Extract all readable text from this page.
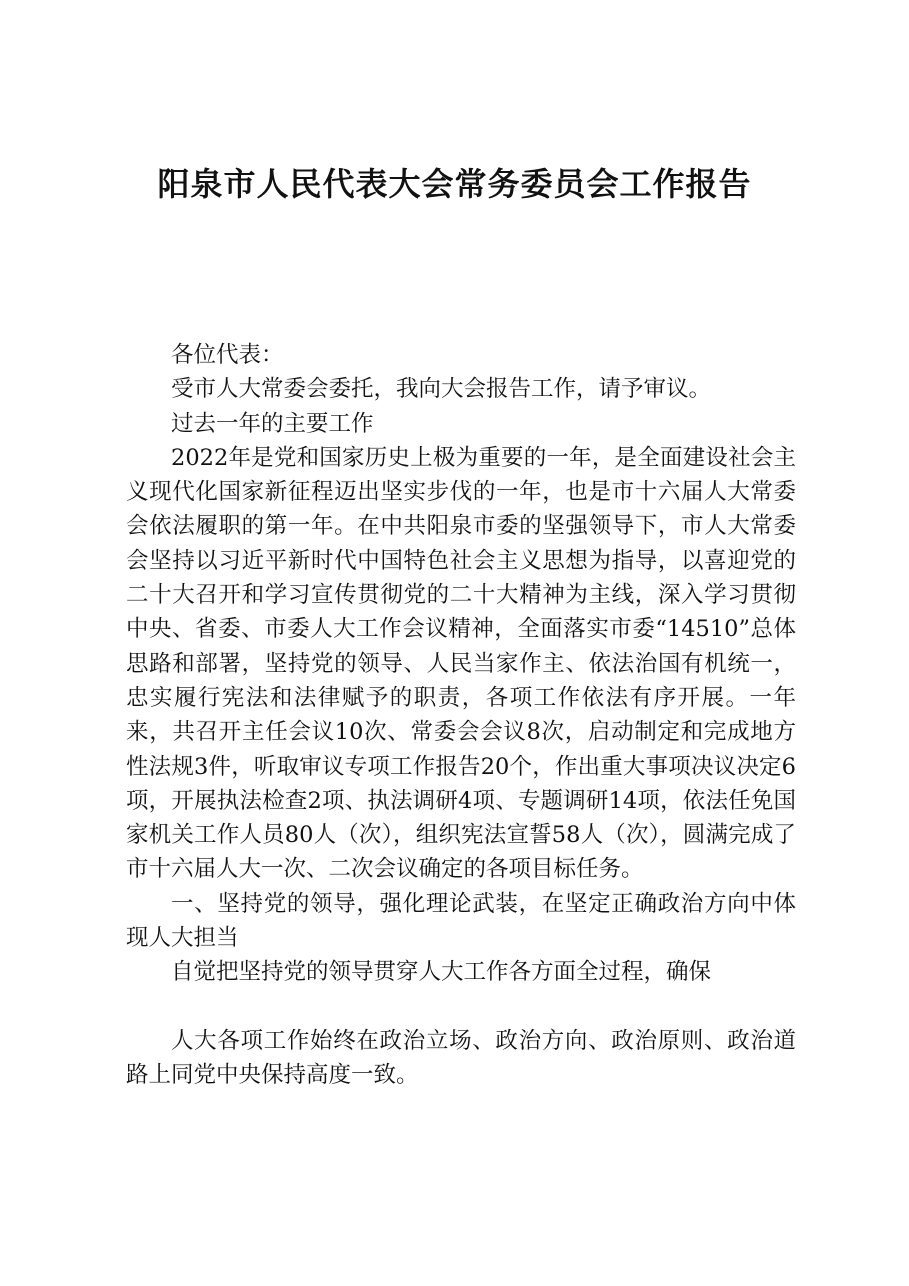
阳泉市人民代表大会常务委员会工作报告

各位代表：

受市人大常委会委托，我向大会报告工作，请予审议。

过去一年的主要工作

2022年是党和国家历史上极为重要的一年，是全面建设社会主义现代化国家新征程迈出坚实步伐的一年，也是市十六届人大常委会依法履职的第一年。在中共阳泉市委的坚强领导下，市人大常委会坚持以习近平新时代中国特色社会主义思想为指导，以喜迎党的二十大召开和学习宣传贯彻党的二十大精神为主线，深入学习贯彻中央、省委、市委人大工作会议精神，全面落实市委“14510”总体思路和部署，坚持党的领导、人民当家作主、依法治国有机统一，忠实履行宪法和法律赋予的职责，各项工作依法有序开展。一年来，共召开主任会议10次、常委会会议8次，启动制定和完成地方性法规3件，听取审议专项工作报告20个，作出重大事项决议决定6项，开展执法检查2项、执法调研4项、专题调研14项，依法任免国家机关工作人员80人（次），组织宪法宣誓58人（次），圆满完成了市十六届人大一次、二次会议确定的各项目标任务。

一、坚持党的领导，强化理论武装，在坚定正确政治方向中体现人大担当

自觉把坚持党的领导贯穿人大工作各方面全过程，确保

人大各项工作始终在政治立场、政治方向、政治原则、政治道路上同党中央保持高度一致。
